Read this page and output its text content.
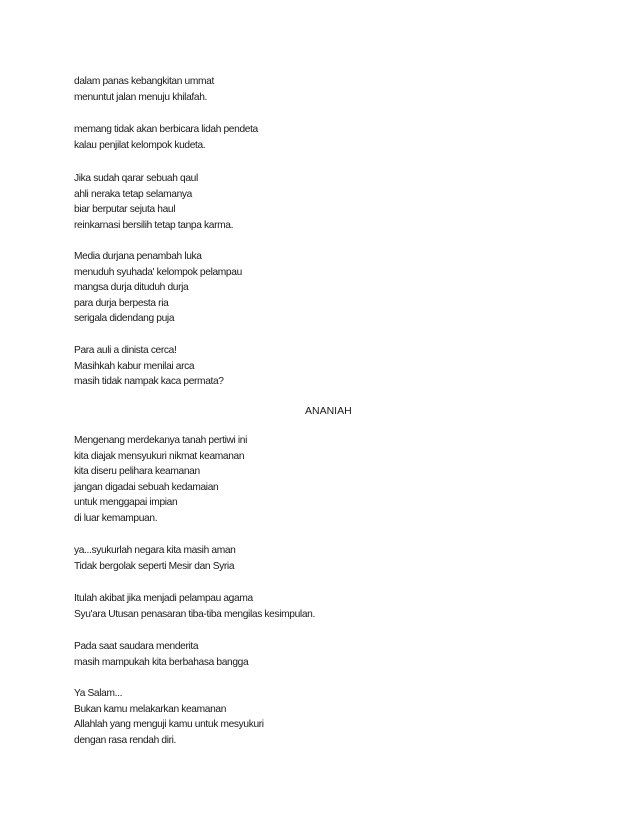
dalam panas kebangkitan ummat
menuntut jalan menuju khilafah.
memang tidak akan berbicara lidah pendeta
kalau penjilat kelompok kudeta.
Jika sudah qarar sebuah qaul
ahli neraka tetap selamanya
biar berputar sejuta haul
reinkarnasi bersilih tetap tanpa karma.
Media durjana penambah luka
menuduh syuhada' kelompok pelampau
mangsa durja dituduh durja
para durja berpesta ria
serigala didendang puja
Para auli a dinista cerca!
Masihkah kabur menilai arca
masih tidak nampak kaca permata?
ANANIAH
Mengenang merdekanya tanah pertiwi ini
kita diajak mensyukuri nikmat keamanan
kita diseru pelihara keamanan
jangan digadai sebuah kedamaian
untuk menggapai impian
di luar kemampuan.
ya...syukurlah negara kita masih aman
Tidak bergolak seperti Mesir dan Syria
Itulah akibat jika menjadi pelampau agama
Syu'ara Utusan penasaran tiba-tiba mengilas kesimpulan.
Pada saat saudara menderita
masih mampukah kita berbahasa bangga
Ya Salam...
Bukan kamu melakarkan keamanan
Allahlah yang menguji kamu untuk mesyukuri
dengan rasa rendah diri.
